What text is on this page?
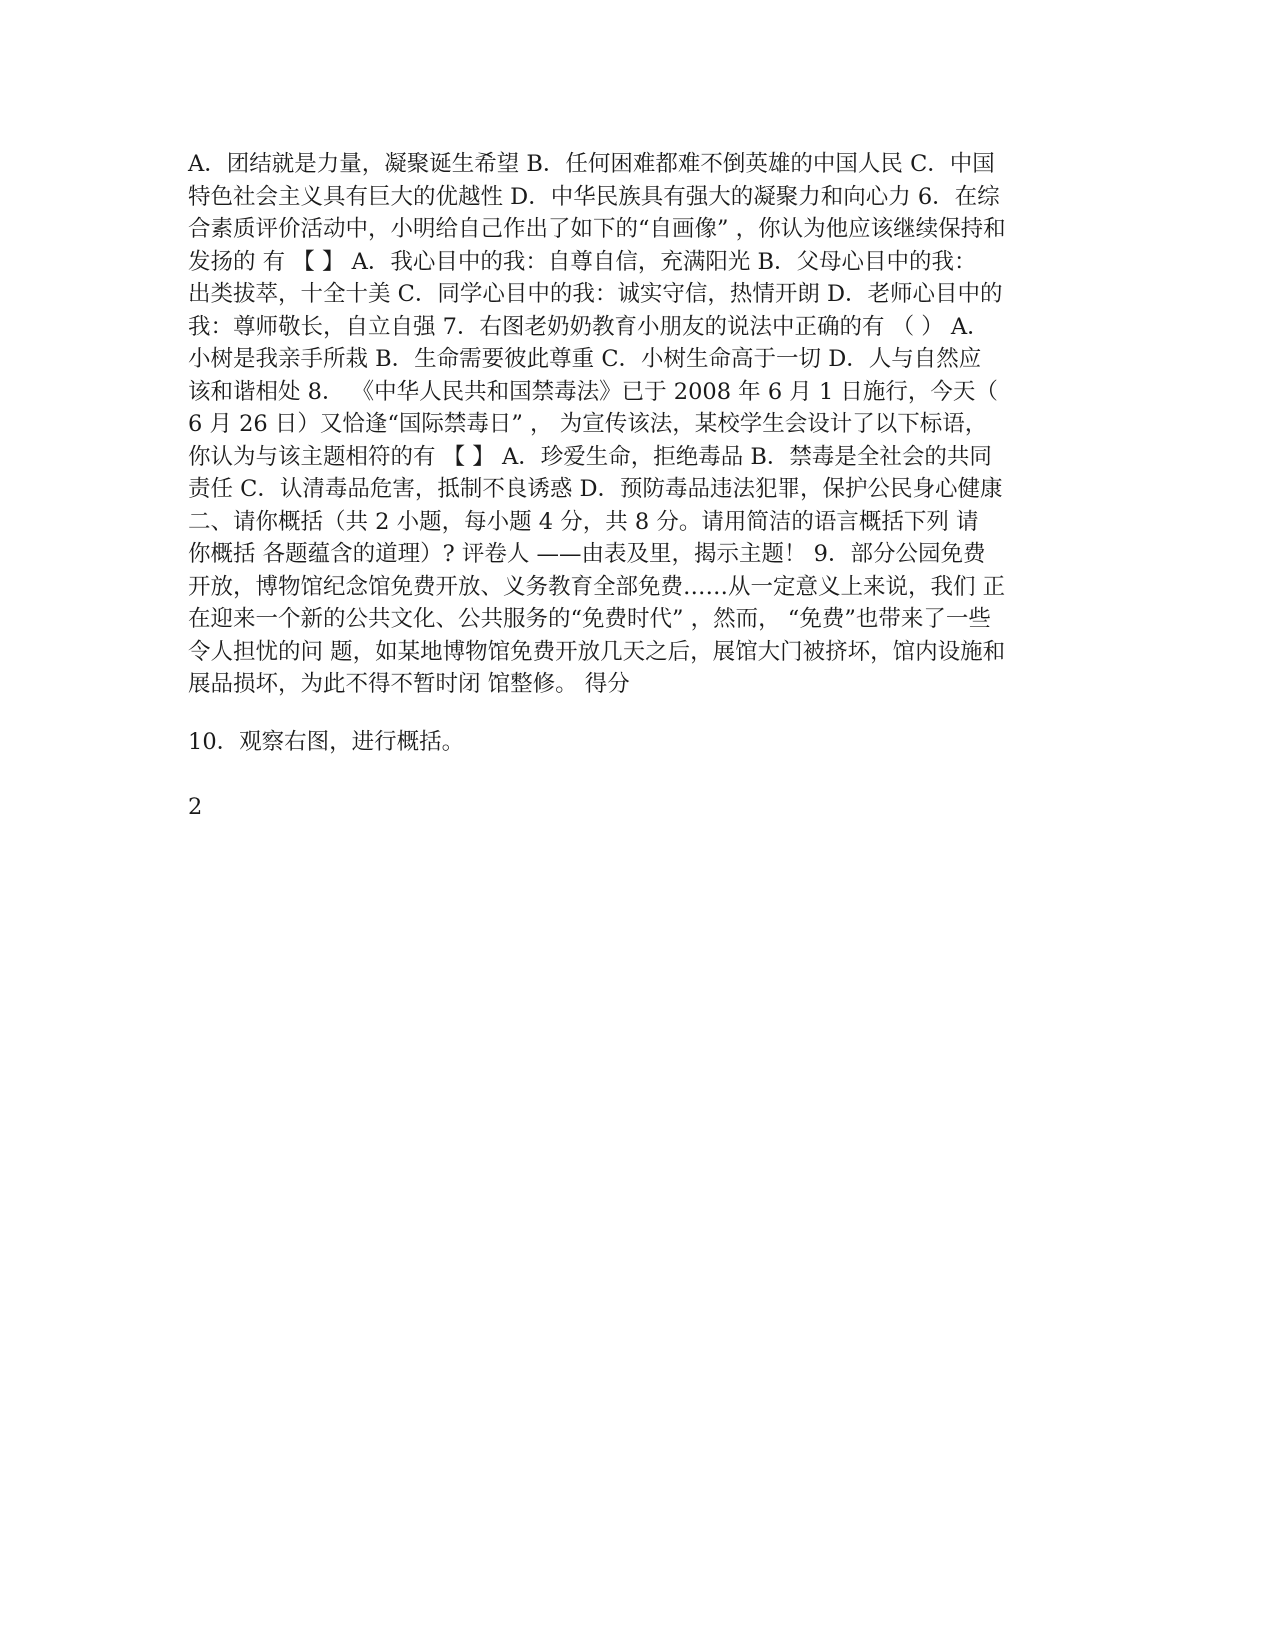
A．团结就是力量，凝聚诞生希望 B．任何困难都难不倒英雄的中国人民 C．中国
特色社会主义具有巨大的优越性 D．中华民族具有强大的凝聚力和向心力 6．在综
合素质评价活动中，小明给自己作出了如下的“自画像” ，你认为他应该继续保持和
发扬的 有 【 】 A．我心目中的我：自尊自信，充满阳光 B．父母心目中的我：
出类拔萃，十全十美 C．同学心目中的我：诚实守信，热情开朗 D．老师心目中的
我：尊师敬长，自立自强 7．右图老奶奶教育小朋友的说法中正确的有 （ ） A．
小树是我亲手所栽 B．生命需要彼此尊重 C．小树生命高于一切 D．人与自然应
该和谐相处 8． 《中华人民共和国禁毒法》已于 2008 年 6 月 1 日施行，今天（
6 月 26 日）又恰逢“国际禁毒日” ， 为宣传该法，某校学生会设计了以下标语，
你认为与该主题相符的有 【 】 A．珍爱生命，拒绝毒品 B．禁毒是全社会的共同
责任 C．认清毒品危害，抵制不良诱惑 D．预防毒品违法犯罪，保护公民身心健康
二、请你概括（共 2 小题，每小题 4 分，共 8 分。请用简洁的语言概括下列 请
你概括 各题蕴含的道理）? 评卷人 ——由表及里，揭示主题！ 9．部分公园免费
开放，博物馆纪念馆免费开放、义务教育全部免费……从一定意义上来说，我们 正
在迎来一个新的公共文化、公共服务的“免费时代” ，然而， “免费”也带来了一些
令人担忧的问 题，如某地博物馆免费开放几天之后，展馆大门被挤坏，馆内设施和
展品损坏，为此不得不暂时闭 馆整修。 得分
10．观察右图，进行概括。
2
